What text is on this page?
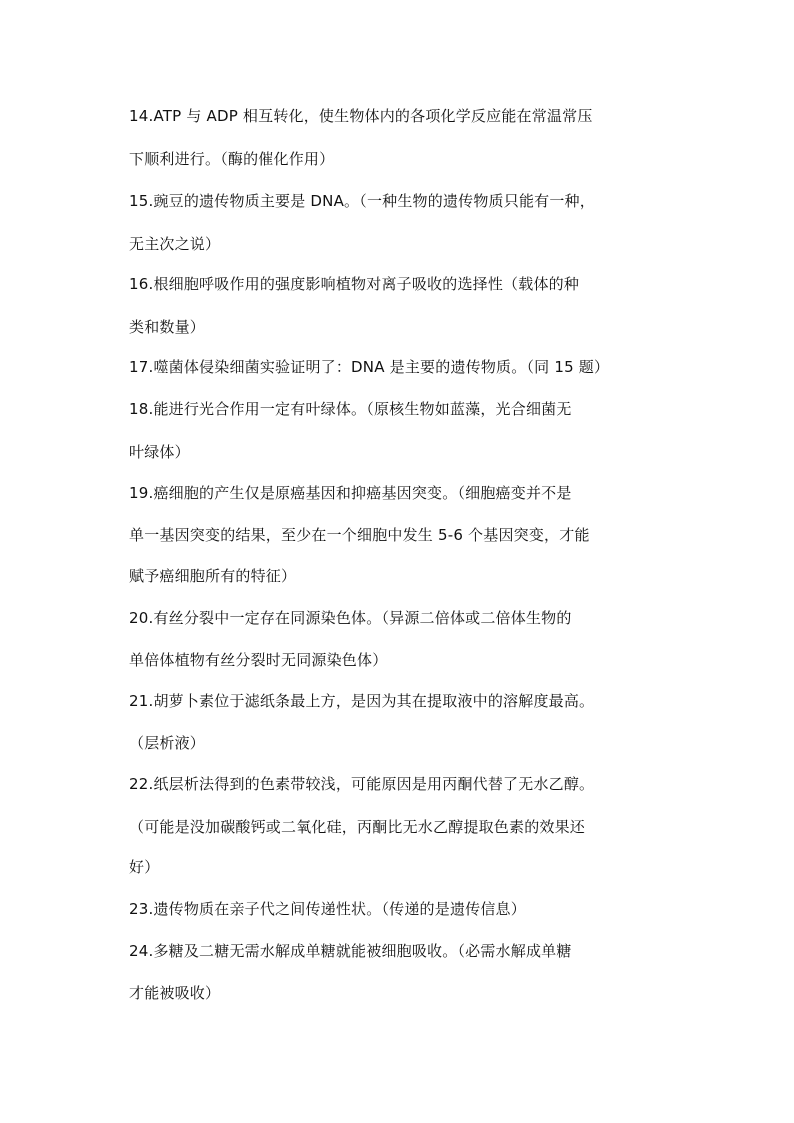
14.ATP 与 ADP 相互转化，使生物体内的各项化学反应能在常温常压
下顺利进行。（酶的催化作用）
15.豌豆的遗传物质主要是 DNA。（一种生物的遗传物质只能有一种，
无主次之说）
16.根细胞呼吸作用的强度影响植物对离子吸收的选择性（载体的种
类和数量）
17.噬菌体侵染细菌实验证明了：DNA 是主要的遗传物质。（同 15 题）
18.能进行光合作用一定有叶绿体。（原核生物如蓝藻，光合细菌无
叶绿体）
19.癌细胞的产生仅是原癌基因和抑癌基因突变。（细胞癌变并不是
单一基因突变的结果，至少在一个细胞中发生 5-6 个基因突变，才能
赋予癌细胞所有的特征）
20.有丝分裂中一定存在同源染色体。（异源二倍体或二倍体生物的
单倍体植物有丝分裂时无同源染色体）
21.胡萝卜素位于滤纸条最上方，是因为其在提取液中的溶解度最高。
（层析液）
22.纸层析法得到的色素带较浅，可能原因是用丙酮代替了无水乙醇。
（可能是没加碳酸钙或二氧化硅，丙酮比无水乙醇提取色素的效果还
好）
23.遗传物质在亲子代之间传递性状。（传递的是遗传信息）
24.多糖及二糖无需水解成单糖就能被细胞吸收。（必需水解成单糖
才能被吸收）
